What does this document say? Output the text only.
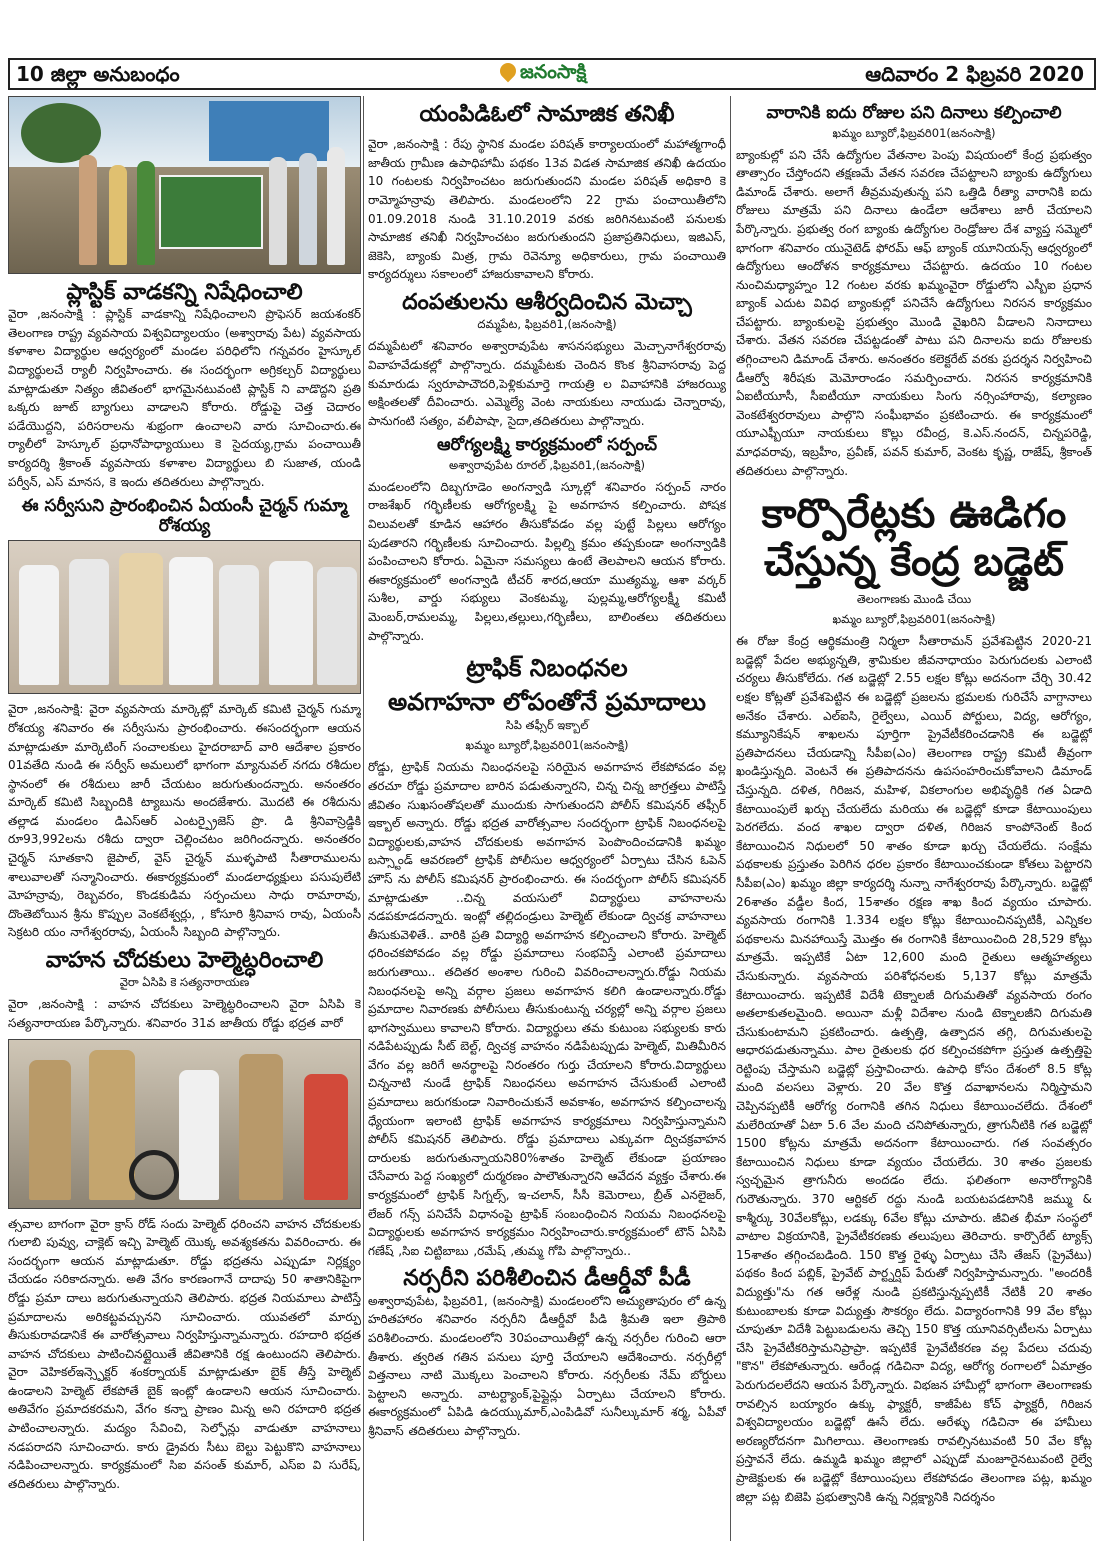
10 జిల్లా అనుబంధం	జనంసాక్షి	ఆదివారం 2 ఫిబ్రవరి 2020
ప్లాస్టిక్ వాడకన్ని నిషేధించాలి

వైరా ,జనంసాక్షి : ప్లాస్టిక్ వాడకాన్ని నిషేధించాలని ప్రొఫెసర్ జయశంకర్ తెలంగాణ రాష్ట్ర వ్యవసాయ విశ్వవిద్యాలయం (అశ్వారావు పేట) వ్యవసాయ కళాశాల విద్యార్థుల ఆధ్వర్యంలో మండల పరిధిలోని గన్నవరం హైస్కూల్ విద్యార్థులచే ర్యాలీ నిర్వహించారు. ఈ సందర్భంగా అగ్రికల్చర్ విద్యార్థులు మాట్లాడుతూ నిత్యం జీవితంలో భాగమైనటువంటి ప్లాస్టిక్ ని వాడొద్దని ప్రతి ఒక్కరు జూట్ బ్యాగులు వాడాలని కోరారు. రోడ్డుపై చెత్త చెదారం పడేయొద్దని, పరిసరాలను శుభ్రంగా ఉంచాలని వారు సూచించారు.ఈ ర్యాలీలో హెస్కూల్ ప్రధానోపాధ్యాయులు కె సైదయ్య,గ్రామ పంచాయితీ కార్యదర్శి శ్రీకాంత్ వ్యవసాయ కళాశాల విద్యార్థులు బి సుజాత, యండి పర్వీన్, ఎస్ మానస, కె ఇందు తదితరులు పాల్గొన్నారు.

ఈ సర్వీసుని ప్రారంభించిన ఏయంసీ చైర్మన్ గుమ్మా రోశయ్య

వైరా ,జనంసాక్షి: వైరా వ్యవసాయ మార్కెట్లో మార్కెట్ కమిటి చైర్మన్ గుమ్మా రోశయ్య శనివారం ఈ సర్వీసును ప్రారంభించారు. ఈసందర్భంగా ఆయన మాట్లాడుతూ మార్కెటింగ్ సంచాలకులు హైదరాబాద్ వారి ఆదేశాల ప్రకారం 01వతేది నుండి ఈ సర్వీస్ అమలులో భాగంగా మ్యానువల్ నగదు రశీదుల స్థానంలో ఈ రశీదులు జారీ చేయటం జరుగుతుందన్నారు. అనంతరం మార్కెట్ కమిటి సిబ్బందికి ట్యాబును అందజేశారు. మొదటి ఈ రశీదును తల్లాడ మండలం డిఎస్ఆర్ ఎంటర్ప్రైజెస్ ప్రొ. డి శ్రీనివాస్రెడ్డికి రూ93,992లను రశీదు ద్వారా చెల్లించటం జరిగిందన్నారు. అనంతరం చైర్మన్ సూతకాని జైపాల్, వైస్ చైర్మన్ ముళ్ళపాటి సీతారాములను శాలువాలతో సన్మానించారు. ఈకార్యక్రమంలో మండలాధ్యక్షులు పసుపులేటి మోహన్రావు, రెబ్బవరం, కొండకుడిమ సర్పంచులు సాధు రామారావు, దొంతెబోయిన శ్రీను కొప్పుల వెంకటేశ్వర్లు, , కోసూరి శ్రీనివాస రావు, ఏయంసీ సెక్రటరి యం నాగేశ్వరరావు, ఏయంసీ సిబ్బంది పాల్గొన్నారు.

వాహన చోదకులు హెల్మెట్ధరించాలి
వైరా ఏసిపి కె సత్యనారాయణ

వైరా ,జనంసాక్షి : వాహన చోదకులు హెల్మెట్ధరించాలని వైరా ఏసిపి కె సత్యనారాయణ పేర్కొన్నారు. శనివారం 31వ జాతీయ రోడ్డు భద్రత వారో

త్సవాల బాగంగా వైరా క్రాస్ రోడ్ సందు హెల్మెట్ ధరించని వాహన చోదకులకు గులాబి పువ్వు, చాక్లెట్ ఇచ్చి హెల్మెట్ యొక్క అవశ్యకతను వివరించారు. ఈ సందర్భంగా ఆయన మాట్లాడుతూ. రోడ్డు భద్రతను ఎప్పుడూ నిర్లక్ష్యం చేయడం సరికాదన్నారు. అతి వేగం కారణంగానే దాదాపు 50 శాతానికిపైగా రోడ్డు ప్రమా దాలు జరుగుతున్నాయని తెలిపారు. భద్రత నియమాలు పాటిస్తే ప్రమాదాలను అరికట్టవచ్చునని సూచించారు. యువతలో మార్పు తీసుకురావడానికే ఈ వారోత్సవాలు నిర్వహిస్తున్నామన్నారు. రహదారి భద్రత వాహన చోదకులు పాటించినట్లైయితే జీవితానికి రక్ష ఉంటుందని తెలిపారు. వైరా వెహికల్ఇన్స్పెక్టర్ శంకర్నాయక్ మాట్లాడుతూ బైక్ తీస్తే హెల్మెట్ ఉండాలని హెల్మెట్ లేకపోతే బైక్ ఇంట్లో ఉండాలని ఆయన సూచించారు. అతివేగం ప్రమాదకరమని, వేగం కన్నా ప్రాణం మిన్న అని రహదారి భద్రత పాటించాలన్నారు. మద్యం సేవించి, సెల్ఫోన్లు వాడుతూ వాహనాలు నడపరాదని సూచించారు. కారు డ్రైవరు సీటు బెల్టు పెట్టుకొని వాహనాలు నడిపించాలన్నారు. కార్యక్రమంలో సిఐ వసంత్ కుమార్, ఎస్ఐ వి సురేష్, తదితరులు పాల్గొన్నారు.

యంపిడిఓలో సామాజిక తనిఖీ

వైరా ,జనంసాక్షి : రేపు స్థానిక మండల పరిషత్ కార్యాలయంలో మహాత్మగాంధీ జాతీయ గ్రామీణ ఉపాధిహామీ పథకం 13వ విడత సామాజిక తనిఖీ ఉదయం 10 గంటలకు నిర్వహించటం జరుగుతుందని మండల పరిషత్ అధికారి కె రామ్మోహన్రావు తెలిపారు. మండలంలోని 22 గ్రామ పంచాయితీలోని 01.09.2018 నుండి 31.10.2019 వరకు జరిగినటువంటి పనులకు సామాజిక తనిఖీ నిర్వహించటం జరుగుతుందని ప్రజాప్రతినిధులు, ఇజిఎస్, జెకెసి, బ్యాంకు మిత్ర, గ్రామ రెవెన్యూ అధికారులు, గ్రామ పంచాయితి కార్యదర్శులు సకాలంలో హాజరుకావాలని కోరారు.

దంపతులను ఆశీర్వదించిన మెచ్చా
దమ్మపేట, ఫిబ్రవరి1,(జనంసాక్షి)

దమ్మపేటలో శనివారం అశ్వారావుపేట శాసనసభ్యులు మెచ్చానాగేశ్వరరావు వివాహవేడుకల్లో పాల్గొన్నారు. దమ్మపేటకు చెందిన కొంక శ్రీనివాసరావు పెద్ద కుమారుడు స్వరూపాచౌదరి,పెళ్లికుమార్తె గాయత్రి ల వివాహానికి హాజరయ్యి అక్షింతలతో దీవించారు. ఎమ్మెల్యే వెంట నాయకులు నాయుడు చెన్నారావు, పానుగంటి సత్యం, వలీపాషా, సైదా,తదితరులు పాల్గొన్నారు.

ఆరోగ్యలక్ష్మి కార్యక్రమంలో సర్పంచ్
అశ్వారావుపేట రూరల్ ,ఫిబ్రవరి1,(జనంసాక్షి)

మండలంలోని దిబ్బగూడెం అంగన్వాడి స్కూల్లో శనివారం సర్పంచ్ నారం రాజశేఖర్ గర్భిణీలకు ఆరోగ్యలక్ష్మి పై అవగాహన కల్పించారు. పోషక విలువలతో కూడిన ఆహారం తీసుకోవడం వల్ల పుట్టే పిల్లలు ఆరోగ్యం పుడతారని గర్భిణీలకు సూచించారు. పిల్లల్ని క్రమం తప్పకుండా అంగన్వాడికి పంపించాలని కోరారు. ఏమైనా సమస్యలు ఉంటే తెలపాలని ఆయన కోరారు. ఈకార్యక్రమంలో అంగన్వాడి టీచర్ శారద,ఆయా ముత్యమ్మ, ఆశా వర్కర్ సుశీల, వార్డు సభ్యులు వెంకటమ్మ, పుల్లమ్మ,ఆరోగ్యలక్ష్మీ కమిటీ మెంబర్,రామలమ్మ, పిల్లలు,తల్లులు,గర్భిణీలు, బాలింతలు తదితరులు పాల్గొన్నారు.

ట్రాఫిక్ నిబంధనల
అవగాహనా లోపంతోనే ప్రమాదాలు
సిపి తఫ్సీర్ ఇక్బాల్
ఖమ్మం బ్యూరో,ఫిబ్రవరి01(జనంసాక్షి)

రోడ్డు, ట్రాఫిక్ నియమ నిబంధనలపై సరియైన అవగాహన లేకపోవడం వల్ల తరచూ రోడ్డు ప్రమాదాల బారిన పడుతున్నారని, చిన్న చిన్న జాగ్రత్తలు పాటిస్తే జీవితం సుఖసంతోషలతో ముందుకు సాగుతుందని పోలీస్ కమిషనర్ తఫ్సీర్ ఇక్బాల్ అన్నారు. రోడ్డు భద్రత వారోత్సవాల సందర్భంగా ట్రాఫిక్ నిబంధనలపై విద్యార్థులకు,వాహన చోదకులకు అవగాహన పెంపొందించడానికి ఖమ్మం బస్స్టాండ్ ఆవరణలో ట్రాఫిక్ పోలీసుల ఆధ్వర్యంలో ఏర్పాటు చేసిన ఓపెన్ హౌస్ ను పోలీస్ కమిషనర్ ప్రారంభించారు. ఈ సందర్భంగా పోలీస్ కమిషనర్ మాట్లాడుతూ ..చిన్న వయసులో విద్యార్థులు వాహనాలను నడపకూడదన్నారు. ఇంట్లో తల్లిదండ్రులు హెల్మెట్ లేకుండా ద్విచక్ర వాహనాలు తీసుకువెళితే.. వారికి ప్రతి విద్యార్థి అవగాహన కల్పించాలని కోరారు. హెల్మెట్ ధరించకపోవడం వల్ల రోడ్డు ప్రమాదాలు సంభవిస్తే ఎలాంటి ప్రమాదాలు జరుగుతాయి.. తదితర అంశాల గురించి వివరించాలన్నారు.రోడ్డు నియమ నిబంధనలపై అన్ని వర్గాల ప్రజలు అవగాహన కలిగి ఉండాలన్నారు.రోడ్డు ప్రమాదాల నివారణకు పోలీసులు తీసుకుంటున్న చర్యల్లో అన్ని వర్గాల ప్రజలు భాగస్వాములు కావాలని కోరారు. విద్యార్థులు తమ కుటుంబ సభ్యులకు కారు నడిపేటప్పుడు సీట్ బెల్ట్, ద్విచక్ర వాహనం నడిపేటప్పుడు హెల్మెట్, మితిమీరిన వేగం వల్ల జరిగే అనర్థాలపై నిరంతరం గుర్తు చేయాలని కోరారు.విద్యార్థులు చిన్ననాటి నుండే ట్రాఫిక్ నిబంధనలు అవగాహన చేసుకుంటే ఎలాంటి ప్రమాదాలు జరుగకుండా నివారించుకునే అవకాశం, అవగాహన కల్పించాలన్న ధ్యేయంగా ఇలాంటి ట్రాఫిక్ అవగాహన కార్యక్రమాలు నిర్వహిస్తున్నామని పోలీస్ కమిషనర్ తెలిపారు. రోడ్డు ప్రమాదాలు ఎక్కువగా ద్విచక్రవాహన దారులకు జరుగుతున్నాయని80%శాతం హెల్మెట్ లేకుండా ప్రయాణం చేసేవారు పెద్ద సంఖ్యలో దుర్మరణం పాలౌతున్నారని ఆవేదన వ్యక్తం చేశారు.ఈ కార్యక్రమంలో ట్రాఫిక్ సిగ్నల్స్, ఇ-చలాన్, సీసీ కెమెరాలు, బ్రీత్ ఎనలైజర్, లేజర్ గన్స్ పనిచేసే విధానంపై ట్రాఫిక్ సంబంధించిన నియమ నిబంధనలపై విద్యార్థులకు అవగాహన కార్యక్రమం నిర్వహించారు.కార్యక్రమంలో టౌన్ ఏసిపి గణేష్ ,సిఐ చిట్టిబాబు ,రమేష్ ,తుమ్మ గోపి పాల్గొన్నారు..

నర్సరీని పరిశీలించిన డీఆర్డీవో పీడీ

అశ్వారావుపేట, ఫిబ్రవరి1, (జనంసాక్షి) మండలంలోని అచ్యుతాపురం లో ఉన్న హరితహారం శనివారం నర్సరీని డీఆర్డీవో పీడి శ్రీమతి ఇలా త్రిపాఠి పరిశీలించారు. మండలంలోని 30పంచాయితీల్లో ఉన్న నర్సరీల గురించి ఆరా తీశారు. త్వరిత గతిన పనులు పూర్తి చేయాలని ఆదేశించారు. నర్సరీల్లో విత్తనాలు నాటి మొక్కలు పెంచాలని కోరారు. నర్సరీలకు నేమ్ బోర్డులు పెట్టాలని అన్నారు. వాటర్ట్యాంక్,పైప్లైన్లు ఏర్పాటు చేయాలని కోరారు. ఈకార్యక్రమంలో ఏపిడి ఉదయ్కుమార్,ఎంపిడివో సునీల్కుమార్ శర్మ, ఏపీవో శ్రీనివాస్ తదితరులు పాల్గొన్నారు.

వారానికి ఐదు రోజుల పని దినాలు కల్పించాలి
ఖమ్మం బ్యూరో,ఫిబ్రవరి01(జనంసాక్షి)

బ్యాంకుల్లో పని చేసే ఉద్యోగుల వేతనాల పెంపు విషయంలో కేంద్ర ప్రభుత్వం తాత్సారం చేస్తోందని తక్షణమే వేతన సవరణ చేపట్టాలని బ్యాంకు ఉద్యోగులు డిమాండ్ చేశారు. అలాగే తీవ్రమవుతున్న పని ఒత్తిడి రీత్యా వారానికి ఐదు రోజులు మాత్రమే పని దినాలు ఉండేలా ఆదేశాలు జారీ చేయాలని పేర్కొన్నారు. ప్రభుత్వ రంగ బ్యాంకు ఉద్యోగుల రెండ్రోజుల దేశ వ్యాప్త సమ్మెలో భాగంగా శనివారం యునైటెడ్ ఫోరమ్ ఆఫ్ బ్యాంక్ యూనియన్స్ ఆధ్వర్యంలో ఉద్యోగులు ఆందోళన కార్యక్రమాలు చేపట్టారు. ఉదయం 10 గంటల నుంచిమధ్యాహ్నం 12 గంటల వరకు ఖమ్మంవైరా రోడ్డులోని ఎస్బీఐ ప్రధాన బ్యాంక్ ఎదుట వివిధ బ్యాంకుల్లో పనిచేసే ఉద్యోగులు నిరసన కార్యక్రమం చేపట్టారు. బ్యాంకులపై ప్రభుత్వం మొండి వైఖరిని వీడాలని నినాదాలు చేశారు. వేతన సవరణ చేపట్టడంతో పాటు పని దినాలను ఐదు రోజులకు తగ్గించాలని డిమాండ్ చేశారు. అనంతరం కలెక్టరేట్ వరకు ప్రదర్శన నిర్వహించి డీఆర్వో శిరీషకు మెమోరాండం సమర్పించారు. నిరసన కార్యక్రమానికి ఏఐటీయూసీ, సీఐటీయూ నాయకులు సింగు నర్సింహారావు, కల్యాణం వెంకటేశ్వరరావులు పాల్గొని సంఘీభావం ప్రకటించారు. ఈ కార్యక్రమంలో యూఎఫ్బీయూ నాయకులు కొల్లు రవీంద్ర, కె.ఎస్.నందన్, చిన్నపరెడ్డి, మాధవరావు, ఇబ్రహీం, ప్రవీణ్, పవన్ కుమార్, వెంకట కృష్ణ, రాజేష్, శ్రీకాంత్ తదితరులు పాల్గొన్నారు.

కార్పొరేట్లకు ఊడిగం
చేస్తున్న కేంద్ర బడ్జెట్
తెలంగాణకు మొండి చేయి
ఖమ్మం బ్యూరో,ఫిబ్రవరి01(జనంసాక్షి)

ఈ రోజు కేంద్ర ఆర్థికమంత్రి నిర్మలా సీతారామన్ ప్రవేశపెట్టిన 2020-21 బడ్జెట్లో పేదల అభ్యున్నతి, శ్రామికుల జీవనాధాయం పెరుగుదలకు ఎలాంటి చర్యలు తీసుకోలేదు. గత బడ్జెట్లో 2.55 లక్షల కోట్లు అదనంగా చేర్చి 30.42 లక్షల కోట్లతో ప్రవేశపెట్టిన ఈ బడ్జెట్లో ప్రజలను భ్రమలకు గురిచేసే వాగ్దానాలు అనేకం చేశారు. ఎల్ఐసి, రైల్వేలు, ఎయిర్ పోర్టులు, విద్య, ఆరోగ్యం, కమ్యూనికేషన్ శాఖలను పూర్తిగా ప్రైవేటీకరించడానికి ఈ బడ్జెట్లో ప్రతిపాదనలు చేయడాన్ని సీపీఐ(ఎం) తెలంగాణ రాష్ట్ర కమిటీ తీవ్రంగా ఖండిస్తున్నది. వెంటనే ఈ ప్రతిపాదనను ఉపసంహరించుకోవాలని డిమాండ్ చేస్తున్నది. దళిత, గిరిజన, మహిళ, వికలాంగుల అభివృద్ధికి గత ఏడాది కేటాయింపులే ఖర్చు చేయలేదు మరియు ఈ బడ్జెట్లో కూడా కేటాయింపులు పెరగలేదు. వంద శాఖల ద్వారా దళిత, గిరిజన కాంపోనెంట్ కింద కేటాయించిన నిధులలో 50 శాతం కూడా ఖర్చు చేయలేదు. సంక్షేమ పథకాలకు ప్రస్తుతం పెరిగిన ధరల ప్రకారం కేటాయించకుండా కోతలు పెట్టారని సీపీఐ(ఎం) ఖమ్మం జిల్లా కార్యదర్శి నున్నా నాగేశ్వరరావు పేర్కొన్నారు. బడ్జెట్లో 26శాతం వడ్డీల కింద, 15శాతం రక్షణ శాఖ కింద వ్యయం చూపారు. వ్యవసాయ రంగానికి 1.334 లక్షల కోట్లు కేటాయించినప్పటికీ, ఎన్నికల పథకాలను మినహాయిస్తే మొత్తం ఈ రంగానికి కేటాయించింది 28,529 కోట్లు మాత్రమే. ఇప్పటికే ఏటా 12,600 మంది రైతులు ఆత్మహత్యలు చేసుకున్నారు. వ్యవసాయ పరిశోధనలకు 5,137 కోట్లు మాత్రమే కేటాయించారు. ఇప్పటికే విదేశీ టెక్నాలజీ దిగుమతితో వ్యవసాయ రంగం అతలాకుతలమైంది. అయినా మళ్లీ విదేశాల నుండి టెక్నాలజీని దిగుమతి చేసుకుంటామని ప్రకటించారు. ఉత్పత్తి, ఉత్పాదన తగ్గి, దిగుమతులపై ఆధారపడుతున్నాము. పాల రైతులకు ధర కల్పించకపోగా ప్రస్తుత ఉత్పత్తిపై రెట్టింపు చేస్తామని బడ్జెట్లో ప్రస్తావించారు. ఉపాధి కోసం దేశంలో 8.5 కోట్ల మంది వలసలు వెళ్లారు. 20 వేల కొత్త దవాఖానలను నిర్మిస్తామని చెప్పినప్పటికీ ఆరోగ్య రంగానికి తగిన నిధులు కేటాయించలేదు. దేశంలో మలేరియాతో ఏటా 5.6 వేల మంది చనిపోతున్నారు, త్రాగునీటికి గత బడ్జెట్లో 1500 కోట్లను మాత్రమే అదనంగా కేటాయించారు. గత సంవత్సరం కేటాయించిన నిధులు కూడా వ్యయం చేయలేదు. 30 శాతం ప్రజలకు స్వచ్ఛమైన త్రాగునీరు అందడం లేదు. ఫలితంగా అనారోగ్యానికి గురౌతున్నారు. 370 ఆర్టికల్ రద్దు నుండి బయటపడటానికి జమ్ము & కాశ్మీర్కు 30వేలకోట్లు, లడక్కు 6వేల కోట్లు చూపారు. జీవిత భీమా సంస్థలో వాటాల విక్రయానికి, ప్రైవేటీకరణకు తలుపులు తెరిచారు. కార్పొరేట్ ట్యాక్స్ 15శాతం తగ్గించబడింది. 150 కొత్త రైళ్ళు ఏర్పాటు చేసి తేజస్ (ప్రైవేటు) పథకం కింద పబ్లిక్, ప్రైవేట్ పార్ట్నర్షిప్ పేరుతో నిర్వహిస్తామన్నారు. "అందరికీ విద్యుత్తు"ను గత ఆరేళ్ల నుండి ప్రకటిస్తున్నప్పటికీ నేటికీ 20 శాతం కుటుంబాలకు కూడా విద్యుత్తు సౌకర్యం లేదు. విద్యారంగానికి 99 వేల కోట్లు చూపుతూ విదేశీ పెట్టుబడులను తెచ్చి 150 కొత్త యూనివర్సిటీలను ఏర్పాటు చేసి ప్రైవేటీకరిస్తామనిప్రాప్రా. ఇప్పటికే ప్రైవేటీకరణ వల్ల పేదలు చదువు "కొన" లేకపోతున్నారు. ఆరేండ్ల గడిచినా విద్య, ఆరోగ్య రంగాలలో ఏమాత్రం పెరుగుదలలేదని ఆయన పేర్కొన్నారు. విభజన హామీల్లో భాగంగా తెలంగాణకు రావల్సిన బయ్యారం ఉక్కు ఫ్యాక్టరీ, కాజీపేట కోచ్ ఫ్యాక్టరీ, గిరిజన విశ్వవిద్యాలయం బడ్జెట్లో ఊసే లేదు. ఆరేళ్ళు గడిచినా ఈ హామీలు అరణ్యరోదనగా మిగిలాయి. తెలంగాణకు రావల్సినటువంటి 50 వేల కోట్ల ప్రస్తావనే లేదు. ఉమ్మడి ఖమ్మం జిల్లాలో ఎప్పుడో మంజూరైనటువంటి రైల్వే ప్రాజెక్టులకు ఈ బడ్జెట్లో కేటాయింపులు లేకపోవడం తెలంగాణ పట్ల, ఖమ్మం జిల్లా పట్ల బిజెపి ప్రభుత్వానికి ఉన్న నిర్లక్ష్యానికి నిదర్శనం
